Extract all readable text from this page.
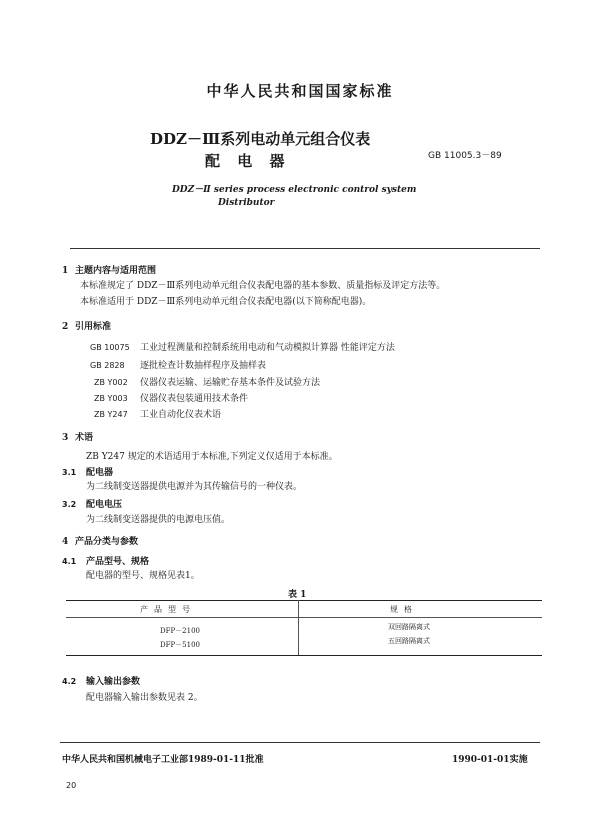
中华人民共和国国家标准
DDZ－Ⅲ系列电动单元组合仪表
配 电 器	GB 11005.3－89
DDZ－Ⅱ series process electronic control system
Distributor
1 主题内容与适用范围
本标准规定了 DDZ－Ⅲ系列电动单元组合仪表配电器的基本参数、质量指标及评定方法等。
本标准适用于 DDZ－Ⅲ系列电动单元组合仪表配电器(以下简称配电器)。
2 引用标准
GB 10075 工业过程测量和控制系统用电动和气动模拟计算器 性能评定方法
GB 2828 逐批检查计数抽样程序及抽样表
ZB Y002 仪器仪表运输、运输贮存基本条件及试验方法
ZB Y003 仪器仪表包装通用技术条件
ZB Y247 工业自动化仪表术语
3 术语
ZB Y247 规定的术语适用于本标准,下列定义仅适用于本标准。
3.1 配电器
为二线制变送器提供电源并为其传输信号的一种仪表。
3.2 配电电压
为二线制变送器提供的电源电压值。
4 产品分类与参数
4.1 产品型号、规格
配电器的型号、规格见表1。
表 1
产品型号	规格
DFP－2100	双回路隔离式
DFP－5100	五回路隔离式
4.2 输入输出参数
配电器输入输出参数见表 2。
中华人民共和国机械电子工业部1989-01-11批准	1990-01-01实施
20
